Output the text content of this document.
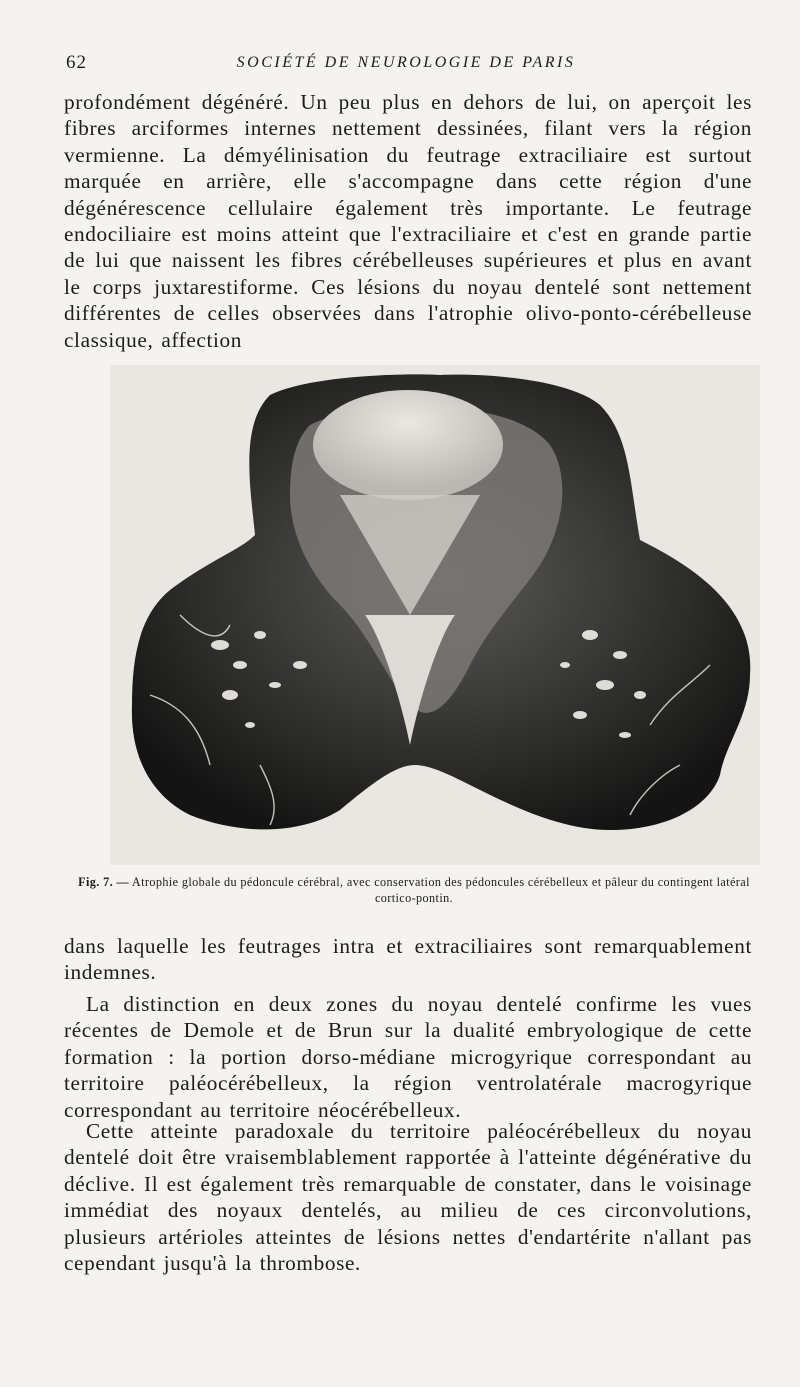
62	SOCIÉTÉ DE NEUROLOGIE DE PARIS

profondément dégénéré. Un peu plus en dehors de lui, on aperçoit les fibres arciformes internes nettement dessinées, filant vers la région vermienne. La démyélinisation du feutrage extraciliaire est surtout marquée en arrière, elle s'accompagne dans cette région d'une dégénérescence cellulaire également très importante. Le feutrage endociliaire est moins atteint que l'extraciliaire et c'est en grande partie de lui que naissent les fibres cérébelleuses supérieures et plus en avant le corps juxtarestiforme. Ces lésions du noyau dentelé sont nettement différentes de celles observées dans l'atrophie olivo-ponto-cérébelleuse classique, affection

Fig. 7. — Atrophie globale du pédoncule cérébral, avec conservation des pédoncules cérébelleux et pâleur du contingent latéral cortico-pontin.

dans laquelle les feutrages intra et extraciliaires sont remarquablement indemnes.

La distinction en deux zones du noyau dentelé confirme les vues récentes de Demole et de Brun sur la dualité embryologique de cette formation : la portion dorso-médiane microgyrique correspondant au territoire paléocérébelleux, la région ventrolatérale macrogyrique correspondant au territoire néocérébelleux.

Cette atteinte paradoxale du territoire paléocérébelleux du noyau dentelé doit être vraisemblablement rapportée à l'atteinte dégénérative du déclive. Il est également très remarquable de constater, dans le voisinage immédiat des noyaux dentelés, au milieu de ces circonvolutions, plusieurs artérioles atteintes de lésions nettes d'endartérite n'allant pas cependant jusqu'à la thrombose.
